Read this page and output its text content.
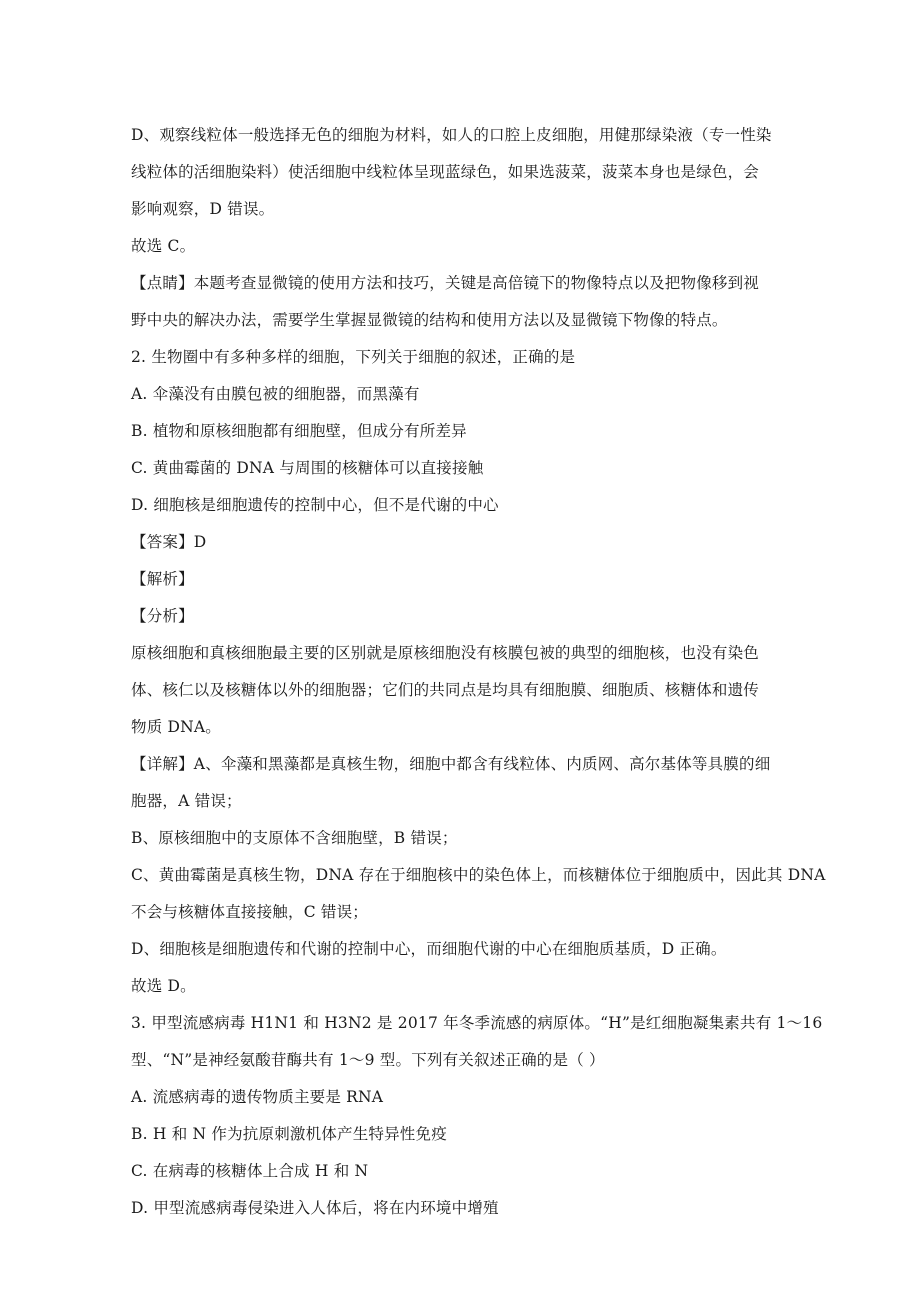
D、观察线粒体一般选择无色的细胞为材料，如人的口腔上皮细胞，用健那绿染液（专一性染
线粒体的活细胞染料）使活细胞中线粒体呈现蓝绿色，如果选菠菜，菠菜本身也是绿色，会
影响观察，D 错误。
故选 C。
【点睛】本题考查显微镜的使用方法和技巧，关键是高倍镜下的物像特点以及把物像移到视
野中央的解决办法，需要学生掌握显微镜的结构和使用方法以及显微镜下物像的特点。
2. 生物圈中有多种多样的细胞，下列关于细胞的叙述，正确的是
A. 伞藻没有由膜包被的细胞器，而黑藻有
B. 植物和原核细胞都有细胞壁，但成分有所差异
C. 黄曲霉菌的 DNA 与周围的核糖体可以直接接触
D. 细胞核是细胞遗传的控制中心，但不是代谢的中心
【答案】D
【解析】
【分析】
原核细胞和真核细胞最主要的区别就是原核细胞没有核膜包被的典型的细胞核，也没有染色
体、核仁以及核糖体以外的细胞器；它们的共同点是均具有细胞膜、细胞质、核糖体和遗传
物质 DNA。
【详解】A、伞藻和黑藻都是真核生物，细胞中都含有线粒体、内质网、高尔基体等具膜的细
胞器，A 错误；
B、原核细胞中的支原体不含细胞壁，B 错误；
C、黄曲霉菌是真核生物，DNA 存在于细胞核中的染色体上，而核糖体位于细胞质中，因此其 DNA
不会与核糖体直接接触，C 错误；
D、细胞核是细胞遗传和代谢的控制中心，而细胞代谢的中心在细胞质基质，D 正确。
故选 D。
3. 甲型流感病毒 H1N1 和 H3N2 是 2017 年冬季流感的病原体。“H”是红细胞凝集素共有 1～16
型、“N”是神经氨酸苷酶共有 1～9 型。下列有关叙述正确的是（ ）
A. 流感病毒的遗传物质主要是 RNA
B. H 和 N 作为抗原刺激机体产生特异性免疫
C. 在病毒的核糖体上合成 H 和 N
D. 甲型流感病毒侵染进入人体后，将在内环境中增殖
